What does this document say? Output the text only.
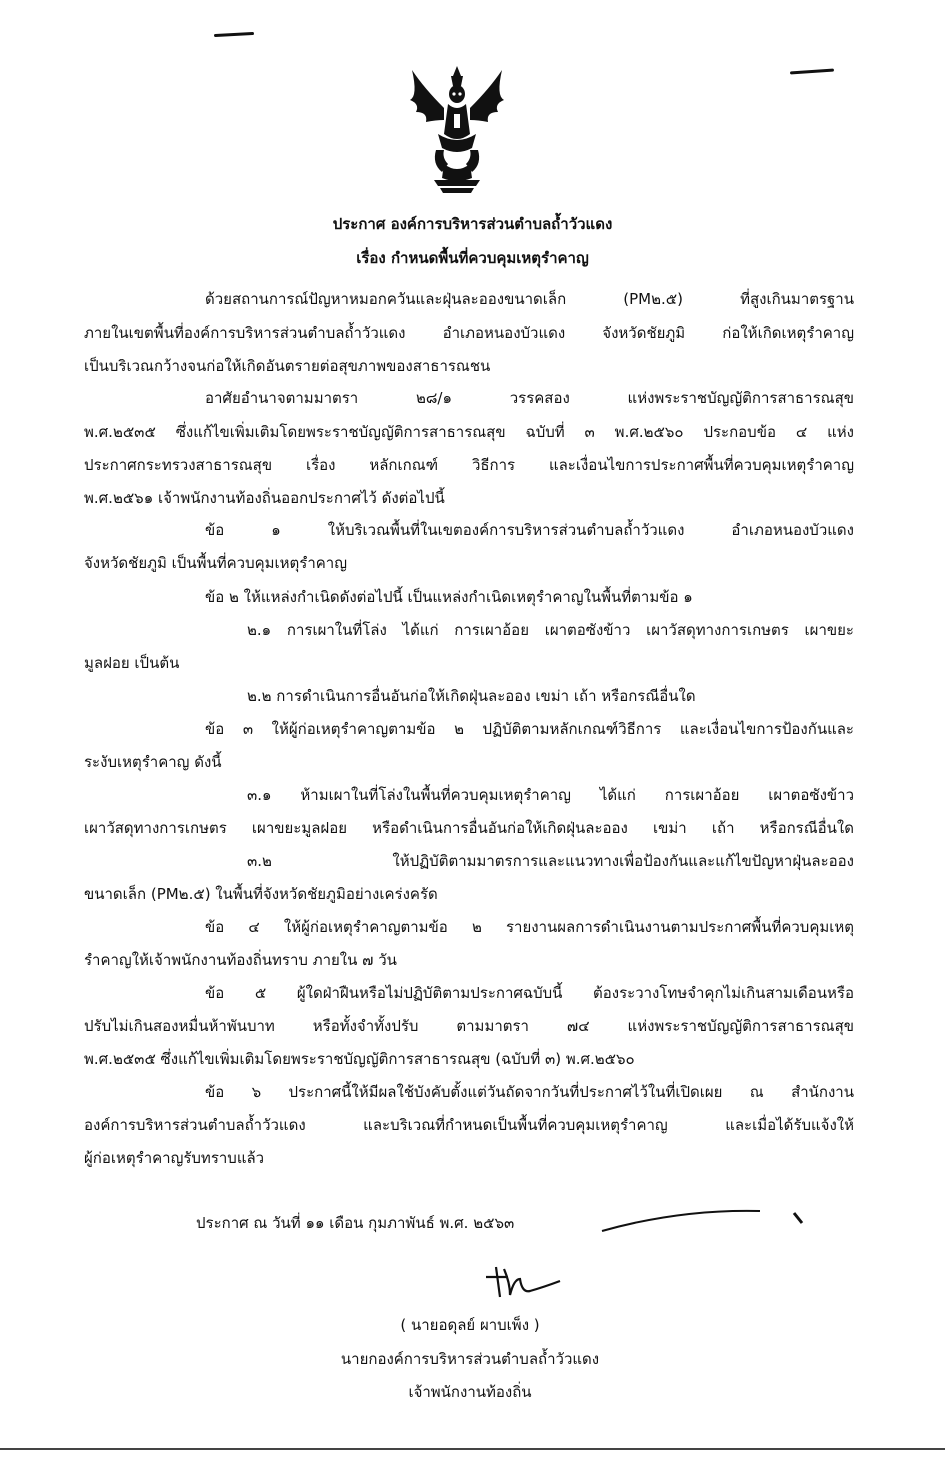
ประกาศ องค์การบริหารส่วนตำบลถ้ำวัวแดง
เรื่อง กำหนดพื้นที่ควบคุมเหตุรำคาญ
ด้วยสถานการณ์ปัญหาหมอกควันและฝุ่นละอองขนาดเล็ก (PM๒.๕) ที่สูงเกินมาตรฐาน
ภายในเขตพื้นที่องค์การบริหารส่วนตำบลถ้ำวัวแดง อำเภอหนองบัวแดง จังหวัดชัยภูมิ ก่อให้เกิดเหตุรำคาญ
เป็นบริเวณกว้างจนก่อให้เกิดอันตรายต่อสุขภาพของสาธารณชน
อาศัยอำนาจตามมาตรา ๒๘/๑ วรรคสอง แห่งพระราชบัญญัติการสาธารณสุข
พ.ศ.๒๕๓๕ ซึ่งแก้ไขเพิ่มเติมโดยพระราชบัญญัติการสาธารณสุข ฉบับที่ ๓ พ.ศ.๒๕๖๐ ประกอบข้อ ๔ แห่ง
ประกาศกระทรวงสาธารณสุข เรื่อง หลักเกณฑ์ วิธีการ และเงื่อนไขการประกาศพื้นที่ควบคุมเหตุรำคาญ
พ.ศ.๒๕๖๑ เจ้าพนักงานท้องถิ่นออกประกาศไว้ ดังต่อไปนี้
ข้อ ๑ ให้บริเวณพื้นที่ในเขตองค์การบริหารส่วนตำบลถ้ำวัวแดง อำเภอหนองบัวแดง
จังหวัดชัยภูมิ เป็นพื้นที่ควบคุมเหตุรำคาญ
ข้อ ๒ ให้แหล่งกำเนิดดังต่อไปนี้ เป็นแหล่งกำเนิดเหตุรำคาญในพื้นที่ตามข้อ ๑
๒.๑ การเผาในที่โล่ง ได้แก่ การเผาอ้อย เผาตอซังข้าว เผาวัสดุทางการเกษตร เผาขยะ
มูลฝอย เป็นต้น
๒.๒ การดำเนินการอื่นอันก่อให้เกิดฝุ่นละออง เขม่า เถ้า หรือกรณีอื่นใด
ข้อ ๓ ให้ผู้ก่อเหตุรำคาญตามข้อ ๒ ปฏิบัติตามหลักเกณฑ์วิธีการ และเงื่อนไขการป้องกันและ
ระงับเหตุรำคาญ ดังนี้
๓.๑ ห้ามเผาในที่โล่งในพื้นที่ควบคุมเหตุรำคาญ ได้แก่ การเผาอ้อย เผาตอซังข้าว
เผาวัสดุทางการเกษตร เผาขยะมูลฝอย หรือดำเนินการอื่นอันก่อให้เกิดฝุ่นละออง เขม่า เถ้า หรือกรณีอื่นใด
๓.๒ ให้ปฏิบัติตามมาตรการและแนวทางเพื่อป้องกันและแก้ไขปัญหาฝุ่นละออง
ขนาดเล็ก (PM๒.๕) ในพื้นที่จังหวัดชัยภูมิอย่างเคร่งครัด
ข้อ ๔ ให้ผู้ก่อเหตุรำคาญตามข้อ ๒ รายงานผลการดำเนินงานตามประกาศพื้นที่ควบคุมเหตุ
รำคาญให้เจ้าพนักงานท้องถิ่นทราบ ภายใน ๗ วัน
ข้อ ๕ ผู้ใดฝ่าฝืนหรือไม่ปฏิบัติตามประกาศฉบับนี้ ต้องระวางโทษจำคุกไม่เกินสามเดือนหรือ
ปรับไม่เกินสองหมื่นห้าพันบาท หรือทั้งจำทั้งปรับ ตามมาตรา ๗๔ แห่งพระราชบัญญัติการสาธารณสุข
พ.ศ.๒๕๓๕ ซึ่งแก้ไขเพิ่มเติมโดยพระราชบัญญัติการสาธารณสุข (ฉบับที่ ๓) พ.ศ.๒๕๖๐
ข้อ ๖ ประกาศนี้ให้มีผลใช้บังคับตั้งแต่วันถัดจากวันที่ประกาศไว้ในที่เปิดเผย ณ สำนักงาน
องค์การบริหารส่วนตำบลถ้ำวัวแดง และบริเวณที่กำหนดเป็นพื้นที่ควบคุมเหตุรำคาญ และเมื่อได้รับแจ้งให้
ผู้ก่อเหตุรำคาญรับทราบแล้ว
ประกาศ ณ วันที่ ๑๑ เดือน กุมภาพันธ์ พ.ศ. ๒๕๖๓
( นายอดุลย์ ผาบเพ็ง )
นายกองค์การบริหารส่วนตำบลถ้ำวัวแดง
เจ้าพนักงานท้องถิ่น
